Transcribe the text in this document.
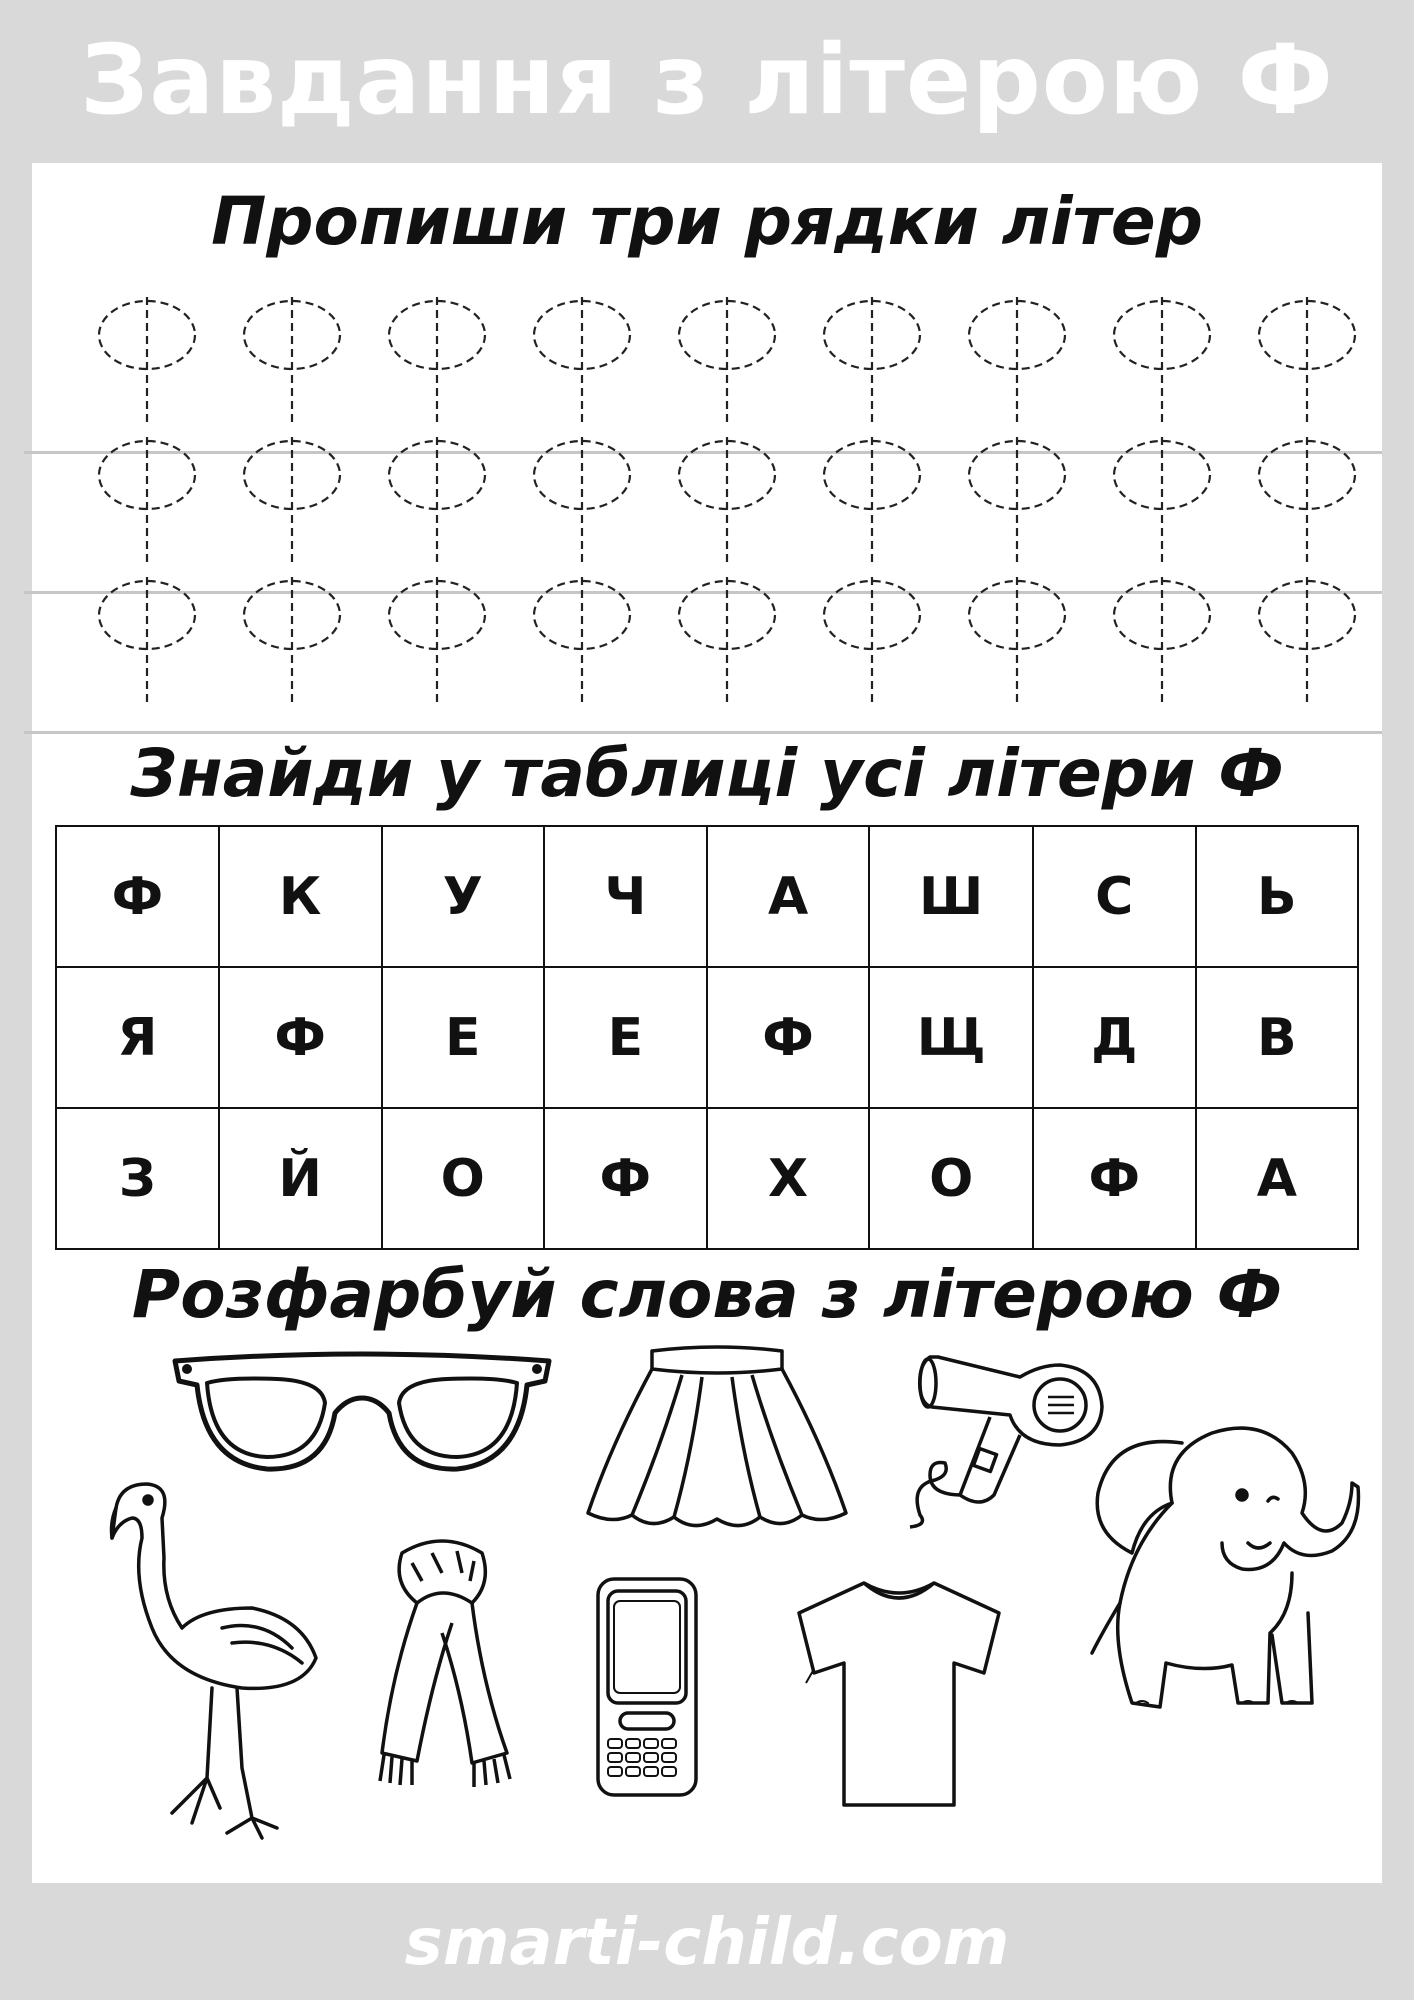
Завдання з літерою Ф
Пропиши три рядки літер
Знайди у таблиці усі літери Ф
Ф	К	У	Ч	А	Ш	С	Ь
Я	Ф	Е	Е	Ф	Щ	Д	В
З	Й	О	Ф	Х	О	Ф	А
Розфарбуй слова з літерою Ф
smarti-child.com
